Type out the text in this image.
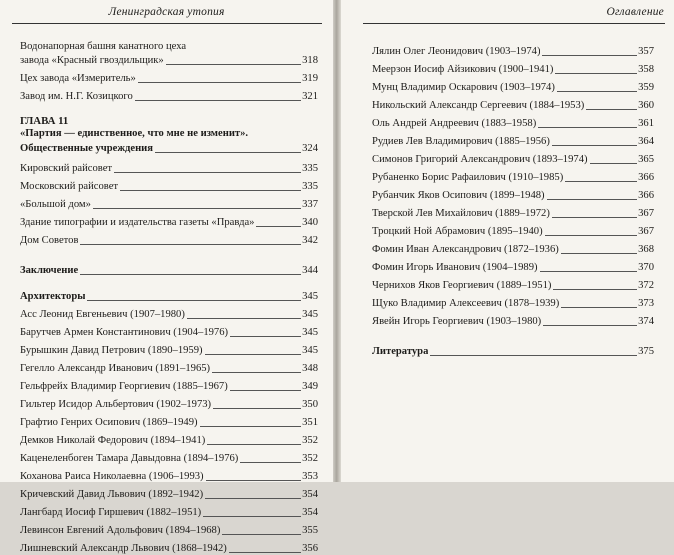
Ленинградская утопия
Водонапорная башня канатного цеха
завода «Красный гвоздильщик»	318
Цех завода «Измеритель»	319
Завод им. Н.Г. Козицкого	321
ГЛАВА 11
«Партия — единственное, что мне не изменит».
Общественные учреждения	324
Кировский райсовет	335
Московский райсовет	335
«Большой дом»	337
Здание типографии и издательства газеты «Правда»	340
Дом Советов	342
Заключение	344
Архитекторы	345
Асс Леонид Евгеньевич (1907–1980)	345
Барутчев Армен Константинович (1904–1976)	345
Бурышкин Давид Петрович (1890–1959)	345
Гегелло Александр Иванович (1891–1965)	348
Гельфрейх Владимир Георгиевич (1885–1967)	349
Гильтер Исидор Альбертович (1902–1973)	350
Графтио Генрих Осипович (1869–1949)	351
Демков Николай Федорович (1894–1941)	352
Каценеленбоген Тамара Давыдовна (1894–1976)	352
Коханова Раиса Николаевна (1906–1993)	353
Кричевский Давид Львович (1892–1942)	354
Лангбард Иосиф Гиршевич (1882–1951)	354
Левинсон Евгений Адольфович (1894–1968)	355
Лишневский Александр Львович (1868–1942)	356
Оглавление
Лялин Олег Леонидович (1903–1974)	357
Меерзон Иосиф Айзикович (1900–1941)	358
Мунц Владимир Оскарович (1903–1974)	359
Никольский Александр Сергеевич (1884–1953)	360
Оль Андрей Андреевич (1883–1958)	361
Рудиев Лев Владимирович (1885–1956)	364
Симонов Григорий Александрович (1893–1974)	365
Рубаненко Борис Рафаилович (1910–1985)	366
Рубанчик Яков Осипович (1899–1948)	366
Тверской Лев Михайлович (1889–1972)	367
Троцкий Ной Абрамович (1895–1940)	367
Фомин Иван Александрович (1872–1936)	368
Фомин Игорь Иванович (1904–1989)	370
Чернихов Яков Георгиевич (1889–1951)	372
Щуко Владимир Алексеевич (1878–1939)	373
Явейн Игорь Георгиевич (1903–1980)	374
Литература	375
